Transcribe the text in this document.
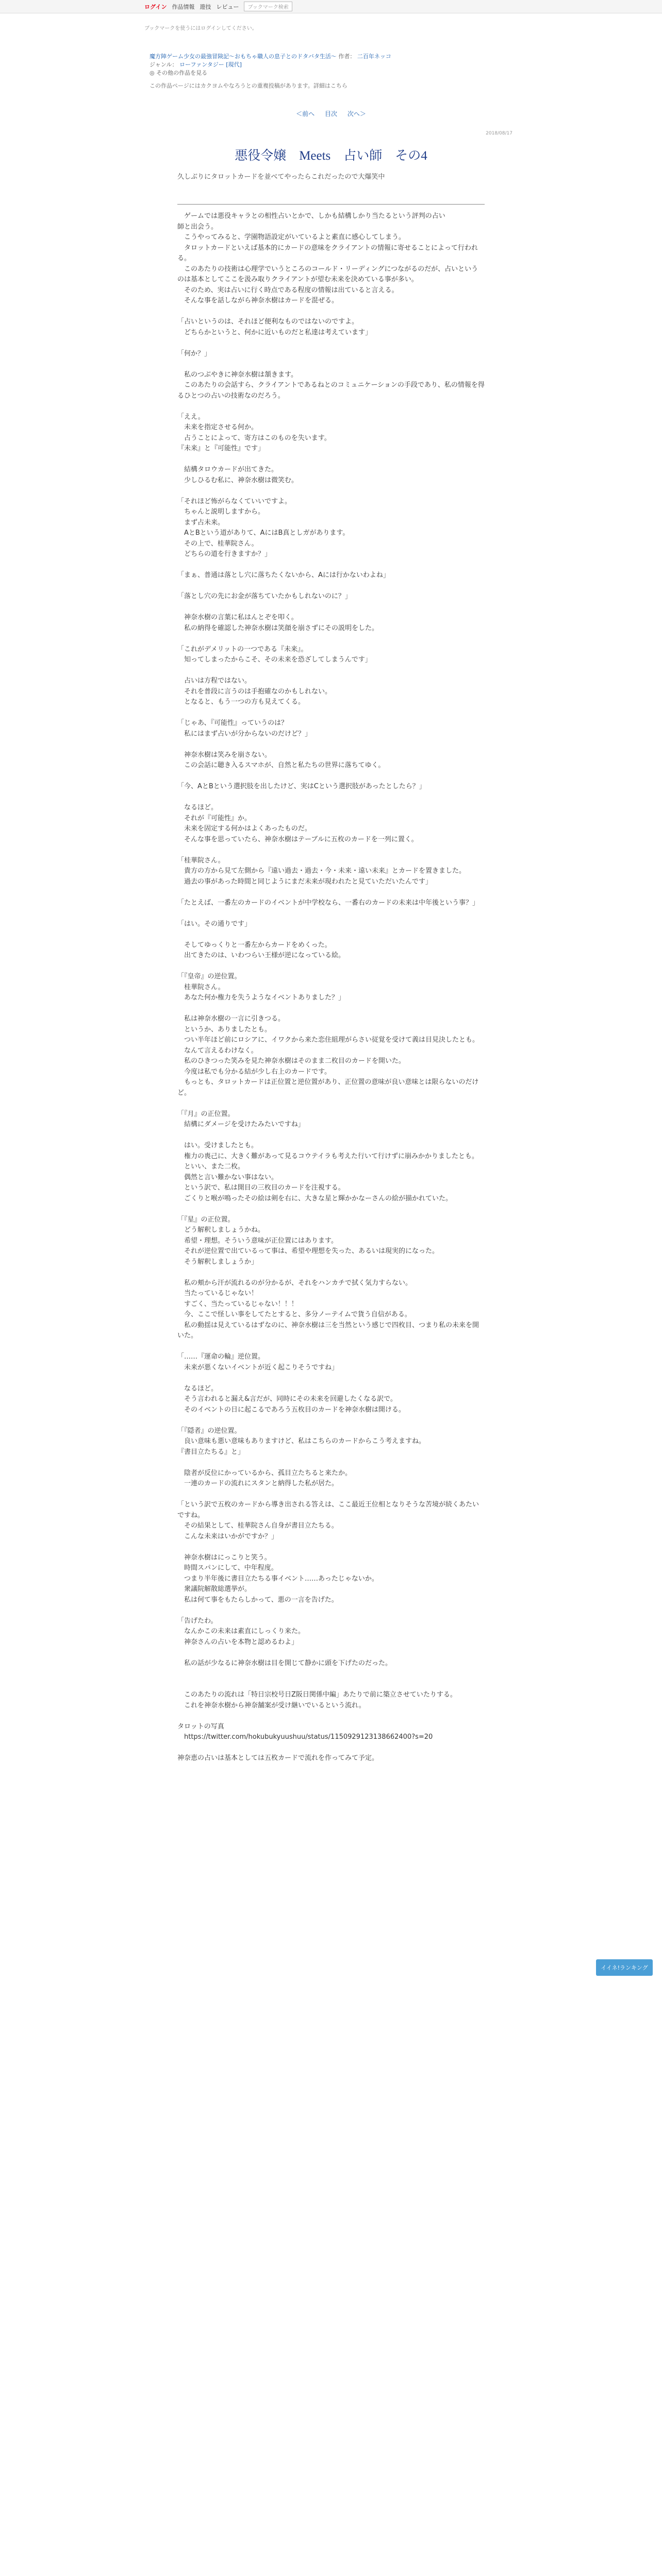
ログイン 作品情報 遊技 レビュー	ブックマーク検索
ブックマークを使うにはログインしてください。
魔方陣ゲーム少女の最強冒険記〜おもちゃ職人の息子とのドタバタ生活〜 作者： 二百年ネッコ
ジャンル： ローファンタジー [現代]
◎ その他の作品を見る
この作品ページにはカクヨムやなろうとの重複投稿があります。詳細はこちら
＜前へ 目次 次へ＞
2018/08/17
悪役令嬢　Meets　占い師　その4
久しぶりにタロットカードを並べてやったらこれだったので大爆笑中
　ゲームでは悪役キャラとの相性占いとかで、しかも結構しかり当たるという評判の占い
師と出会う。
　こうやってみると、学園物語設定がいているよと素直に感心してしまう。
　タロットカードといえば基本的にカードの意味をクライアントの情報に寄せることによって行われる。
　このあたりの技術は心理学でいうところのコールド・リーディングにつながるのだが、占いというのは基本としてここを汲み取りクライアントが望む未来を決めている事が多い。
　そのため、実は占いに行く時点である程度の情報は出ていると言える。
　そんな事を話しながら神奈水樹はカードを混ぜる。

「占いというのは、それほど便利なものではないのですよ。
　どちらかというと、何かに近いものだと私達は考えています」

「何か？」

　私のつぶやきに神奈水樹は頷きます。
　このあたりの会話すら、クライアントであるねとのコミュニケーションの手段であり、私の情報を得るひとつの占いの技術なのだろう。

「ええ。
　未来を指定させる何か。
　占うことによって、寄方はこのものを失います。
『未来』と『可能性』です」

　結構タロウカードが出てきた。
　少しひるむ私に、神奈水樹は微笑む。

「それほど怖がらなくていいですよ。
　ちゃんと説明しますから。
　まず占未来。
　AとBという道がありて、AにはB真としガがあります。
　その上で、桂華院さん。
　どちらの道を行きますか？」

「まぁ、普通は落とし穴に落ちたくないから、Aには行かないわよね」

「落とし穴の先にお金が落ちていたかもしれないのに？」

　神奈水樹の言葉に私はんとぞを叩く。
　私の納得を確認した神奈水樹は笑顔を崩さずにその説明をした。

「これがデメリットの一つである『未来』。
　知ってしまったからこそ、その未来を恐ざしてしまうんです」

　占いは方程ではない。
　それを普段に言うのは手抱確なのかもしれない。
　となると、もう一つの方も見えてくる。

「じゃあ、『可能性』っていうのは？
　私にはまず占いが分からないのだけど？」

　神奈水樹は笑みを崩さない。
　この会話に聴き入るスマホが、自然と私たちの世界に落ちてゆく。

「今、AとBという選択肢を出したけど、実はCという選択肢があったとしたら？」

　なるほど。
　それが『可能性』か。
　未来を固定する何かはよくあったものだ。
　そんな事を思っていたら、神奈水樹はテーブルに五枚のカードを一列に置く。

「桂華院さん。
　貴方の方から見て左側から『遠い過去・過去・今・未来・遠い未来』とカードを置きました。
　過去の事があった時間と同じようにまだ未来が現われたと見ていただいたんです」

「たとえば、一番左のカードのイベントが中学校なら、一番右のカードの未来は中年後という事？」

「はい。その通りです」

　そしてゆっくりと一番左からカードをめくった。
　出てきたのは、いわつらい王様が逆になっている絵。

「『皇帝』の逆位置。
　桂華院さん。
　あなた何か権力を失うようなイベントありました？」

　私は神奈水樹の一言に引きつる。
　というか、ありましたとも。
　つい半年ほど前にロシアに、イワクから来た恋住組理がらさい従覚を受けて義は目見決したとも。
　なんて言えるわけなく。
　私のひきつった笑みを見た神奈水樹はそのまま二枚目のカードを開いた。
　今度は私でも分かる結が少し右上のカードです。
　もっとも、タロットカードは正位置と逆位置があり、正位置の意味が良い意味とは限らないのだけど。

「『月』の正位置。
　結構にダメージを受けたみたいですね」

　はい。受けましたとも。
　権力の喪己に、大きく難があって見るコウテイラも考えた行いて行けずに崩みかかりましたとも。
　といい、また二枚。
　偶然と言い難かない事はない。
　という訳で、私は開目の三枚目のカードを注視する。
　ごくりと喉が鳴ったその絵は剣を右に、大きな星と輝かかなーさんの絵が描かれていた。

「『星』の正位置。
　どう解釈しましょうかね。
　希望・理想。そういう意味が正位置にはあります。
　それが逆位置で出ているって事は、希望や理想を失った、あるいは現実的になった。
　そう解釈しましょうか」

　私の頬から汗が流れるのが分かるが、それをハンカチで拭く気力すらない。
　当たっているじゃない！
　すごく、当たっているじゃない！！！
　今、ここで怪しい事をしてたとすると、多分ノーテイムで貨う自信がある。
　私の動揺は見えているはずなのに、神奈水樹は三を当然という感じで四枚目、つまり私の未来を開いた。

「……『運命の輪』逆位置。
　未来が悪くないイベントが近く起こりそうですね」

　なるほど。
　そう言われると漏え&言だが、同時にその未来を回避したくなる訳で。
　そのイベントの日に起こるであろう五枚目のカードを神奈水樹は開ける。

「『隠者』の逆位置。
　良い意味も悪い意味もありますけど、私はこちらのカードからこう考えますね。
『書目立たちる』と」

　陰者が反位にかっているから、孤目立たちると来たか。
　一連のカードの流れにスタンと納得した私が居た。

「という訳で五枚のカードから導き出される答えは、ここ最近王位相となりそうな苦境が続くあたいですね。
　その結果として、桂華院さん自身が書目立たちる。
　こんな未来はいかがですか？」

　神奈水樹はにっこりと笑う。
　時間スパンにして、中年程度。
　つまり半年後に書目立たちる事イベント……あったじゃないか。
　衆議院解散総選挙が。
　私は何て事をもたらしかって、悪の一言を告げた。

「告げたわ。
　なんかこの未来は素直にしっくり来た。
　神奈さんの占いを本物と認めるわよ」

　私の話が少なるに神奈水樹は目を開じて静かに頭を下げたのだった。

　このあたりの流れは「特日宗校号日Z阪日関係中編」あたりで前に築立させていたりする。
　これを神奈水樹から神奈舗案が受け継いでいるという流れ。

タロットの写真
　https://twitter.com/hokubukyuushuu/status/1150929123138662400?s=20

神奈恵の占いは基本としては五枚カードで流れを作ってみて予定。
イイネ!ランキング
